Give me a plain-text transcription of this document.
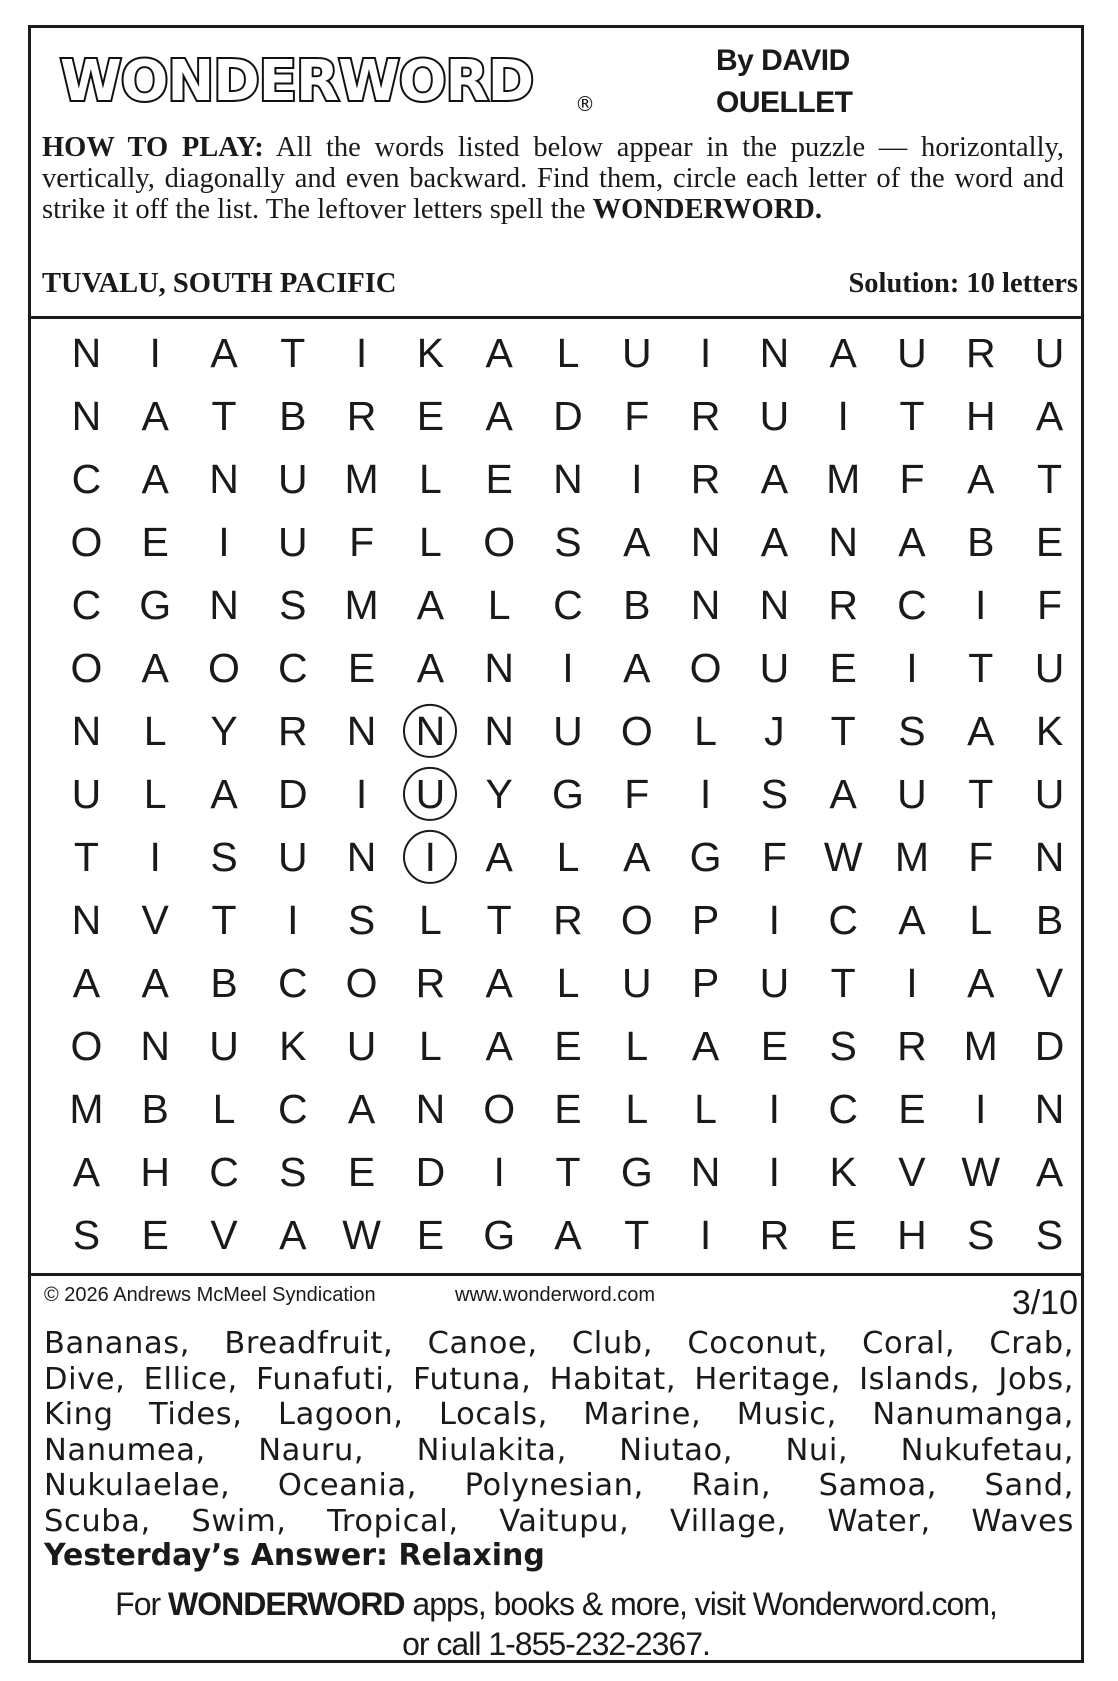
WONDERWORD ®
By DAVID
OUELLET
HOW TO PLAY: All the words listed below appear in the puzzle — horizontally, vertically, diagonally and even backward. Find them, circle each letter of the word and strike it off the list. The leftover letters spell the WONDERWORD.
TUVALU, SOUTH PACIFIC	Solution: 10 letters
N	I	A	T	I	K	A	L	U	I	N A U R U
N A	T	B R E	A D	F	R U	I	T	H A
C A N U M L	E N	I	R A M F	A	T
O E	I	U	F	L	O S	A N A N A	B	E
C G N S M A	L	C B N N R C	I	F
O A O C E	A N	I	A O U E	I	T	U
N	L	Y R N N N U O	L	J	T	S	A	K
U	L	A D	I	U Y G F	I	S	A U	T	U
T	I	S U N	I	A	L	A G F W M F	N
N V	T	I	S	L	T	R O P	I	C A	L	B
A	A	B C O R A	L	U P U	T	I	A	V
O N U K U	L	A	E	L	A	E	S R M D
M B	L	C A N O E	L	L	I	C E	I	N
A H C S	E D	I	T G N	I	K	V W A
S	E	V	A W E G A	T	I	R E H S	S
© 2026 Andrews McMeel Syndication	www.wonderword.com	3/10
Bananas, Breadfruit, Canoe, Club, Coconut, Coral, Crab,
Dive, Ellice, Funafuti, Futuna, Habitat, Heritage, Islands, Jobs,
King Tides, Lagoon, Locals, Marine, Music, Nanumanga,
Nanumea, Nauru, Niulakita, Niutao, Nui, Nukufetau,
Nukulaelae, Oceania, Polynesian, Rain, Samoa, Sand,
Scuba, Swim, Tropical, Vaitupu, Village, Water, Waves
Yesterday’s Answer: Relaxing
For WONDERWORD apps, books & more, visit Wonderword.com,
or call 1-855-232-2367.
